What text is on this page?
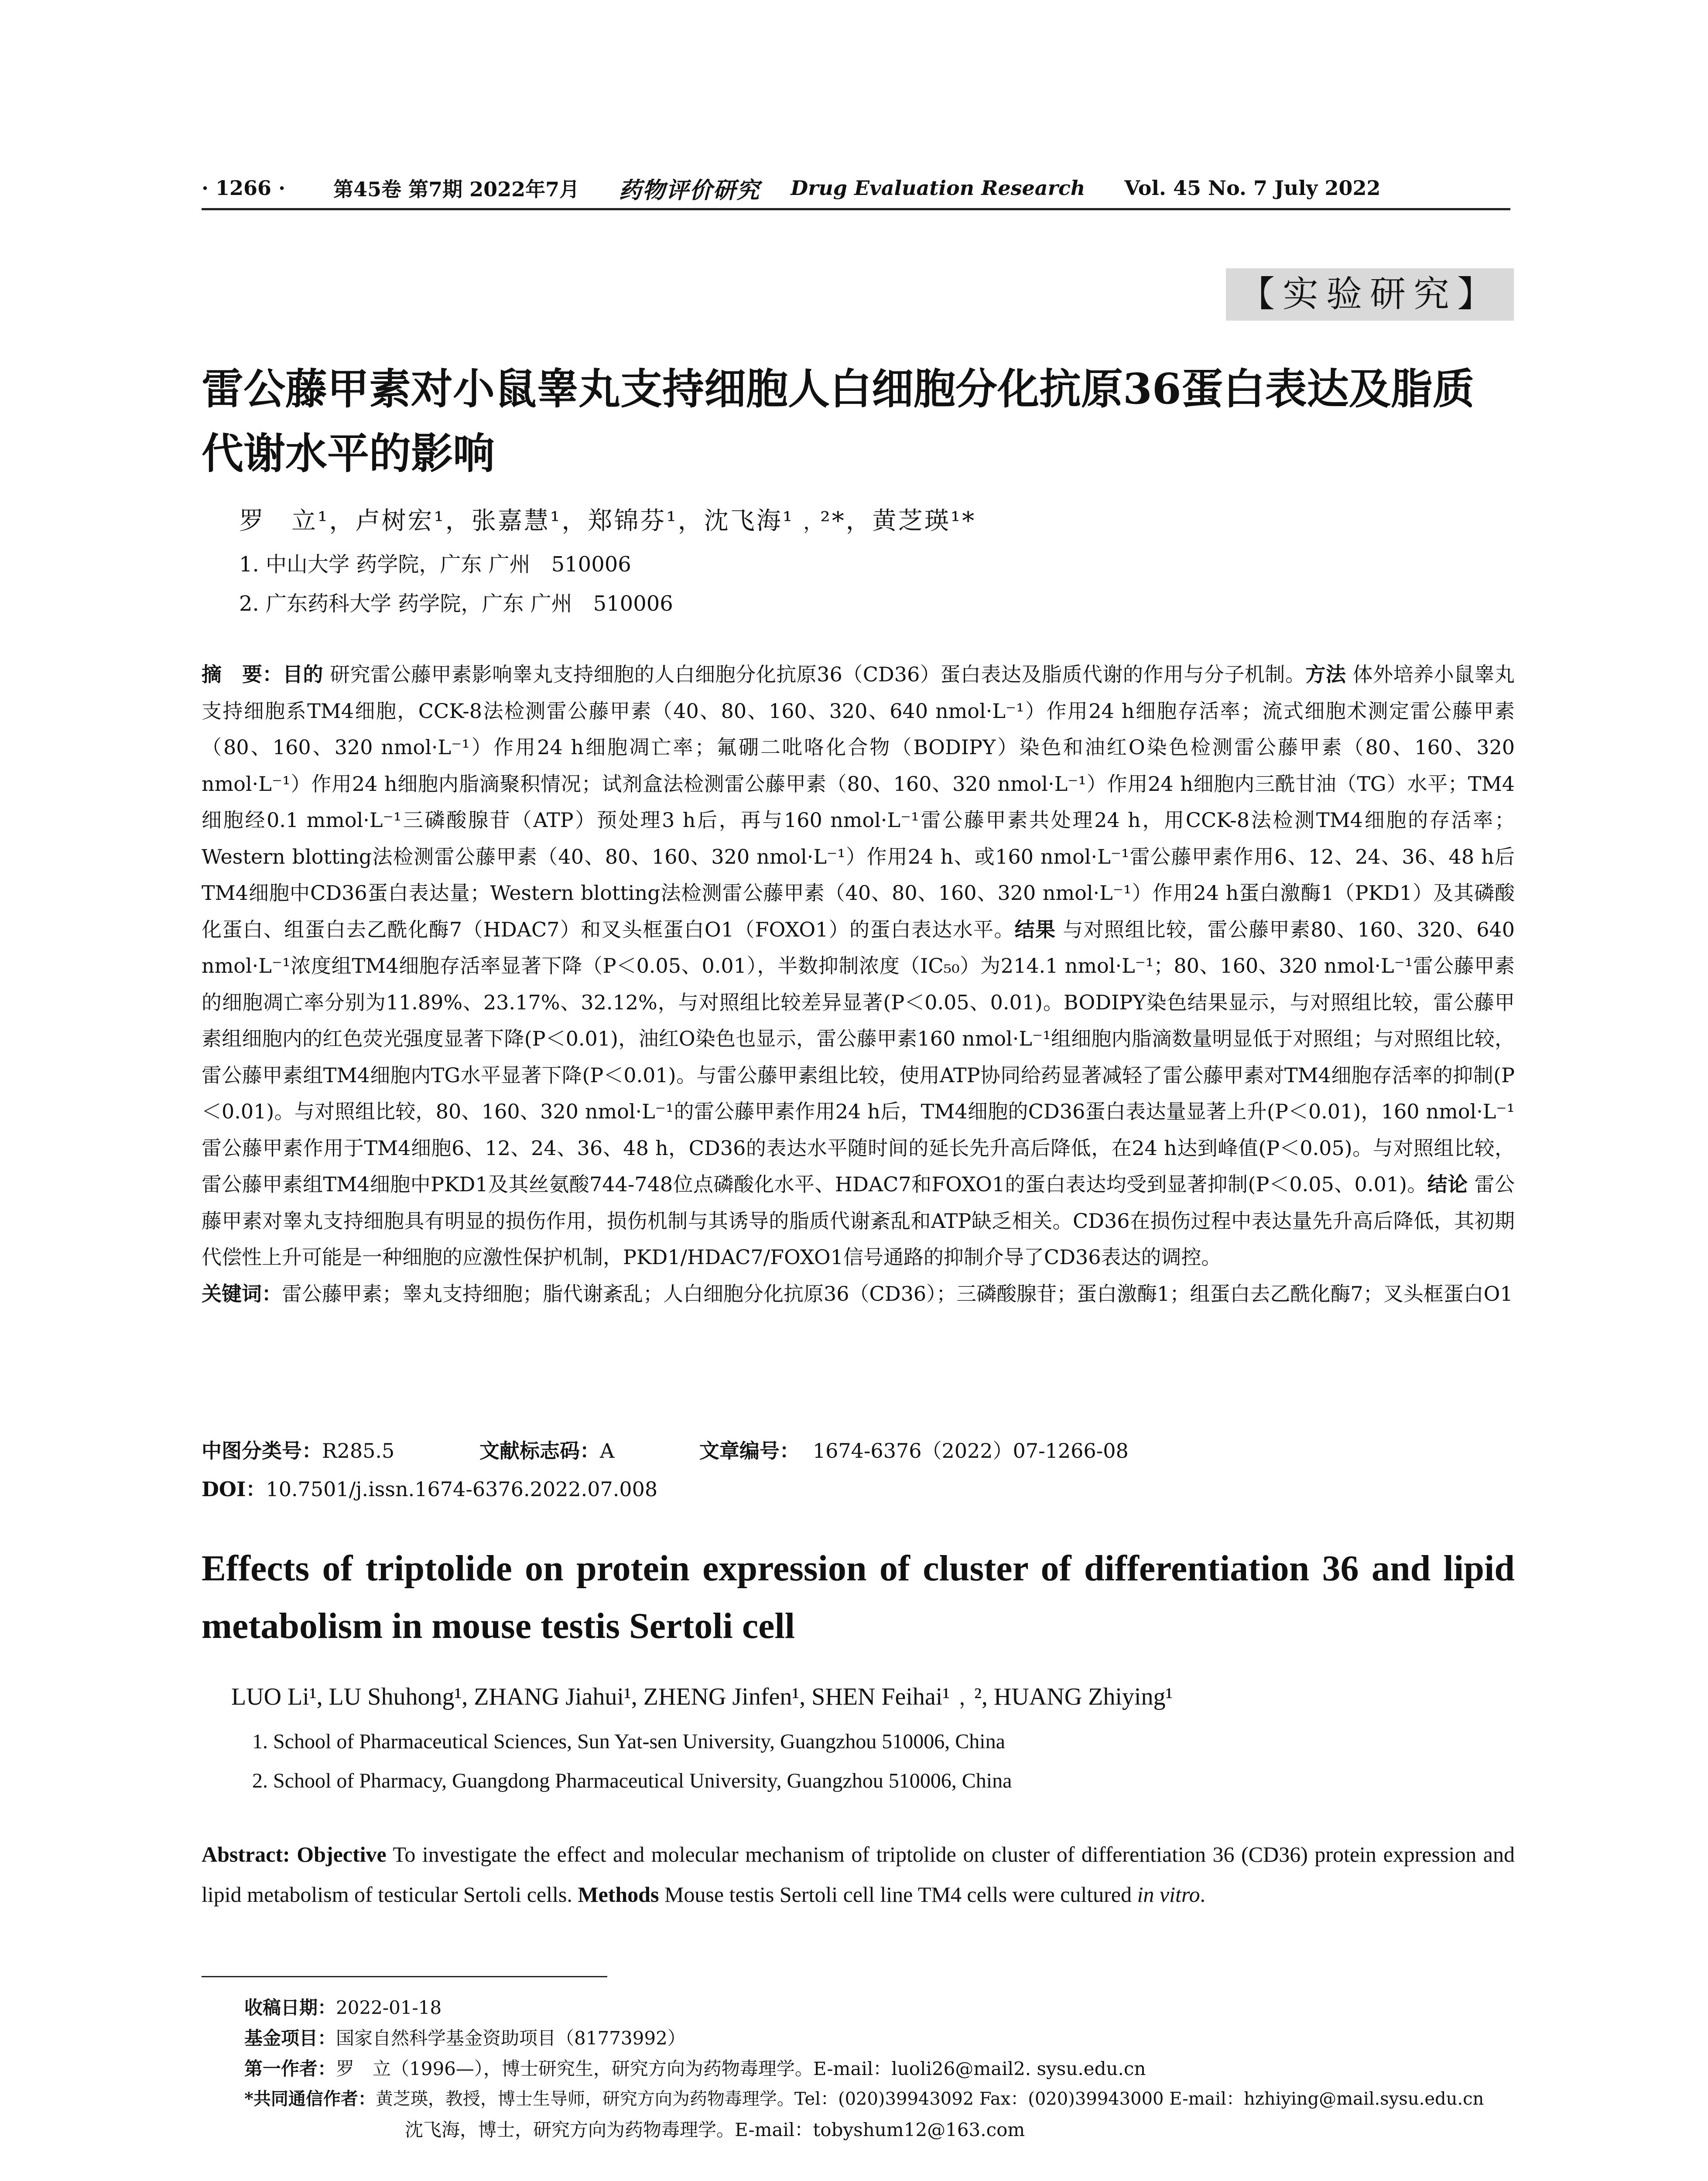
· 1266 · 第45卷 第7期 2022年7月 药物评价研究 Drug Evaluation Research Vol. 45 No. 7 July 2022
【实验研究】
雷公藤甲素对小鼠睾丸支持细胞人白细胞分化抗原36蛋白表达及脂质代谢水平的影响
罗　立¹，卢树宏¹，张嘉慧¹，郑锦芬¹，沈飞海¹﹐²*，黄芝瑛¹*
1. 中山大学 药学院，广东 广州　510006
2. 广东药科大学 药学院，广东 广州　510006
摘　要：目的 研究雷公藤甲素影响睾丸支持细胞的人白细胞分化抗原36（CD36）蛋白表达及脂质代谢的作用与分子机制。方法 体外培养小鼠睾丸支持细胞系TM4细胞，CCK-8法检测雷公藤甲素（40、80、160、320、640 nmol·L⁻¹）作用24 h细胞存活率；流式细胞术测定雷公藤甲素（80、160、320 nmol·L⁻¹）作用24 h细胞凋亡率；氟硼二吡咯化合物（BODIPY）染色和油红O染色检测雷公藤甲素（80、160、320 nmol·L⁻¹）作用24 h细胞内脂滴聚积情况；试剂盒法检测雷公藤甲素（80、160、320 nmol·L⁻¹）作用24 h细胞内三酰甘油（TG）水平；TM4细胞经0.1 mmol·L⁻¹三磷酸腺苷（ATP）预处理3 h后，再与160 nmol·L⁻¹雷公藤甲素共处理24 h，用CCK-8法检测TM4细胞的存活率；Western blotting法检测雷公藤甲素（40、80、160、320 nmol·L⁻¹）作用24 h、或160 nmol·L⁻¹雷公藤甲素作用6、12、24、36、48 h后TM4细胞中CD36蛋白表达量；Western blotting法检测雷公藤甲素（40、80、160、320 nmol·L⁻¹）作用24 h蛋白激酶1（PKD1）及其磷酸化蛋白、组蛋白去乙酰化酶7（HDAC7）和叉头框蛋白O1（FOXO1）的蛋白表达水平。结果 与对照组比较，雷公藤甲素80、160、320、640 nmol·L⁻¹浓度组TM4细胞存活率显著下降（P＜0.05、0.01），半数抑制浓度（IC₅₀）为214.1 nmol·L⁻¹；80、160、320 nmol·L⁻¹雷公藤甲素的细胞凋亡率分别为11.89%、23.17%、32.12%，与对照组比较差异显著(P＜0.05、0.01)。BODIPY染色结果显示，与对照组比较，雷公藤甲素组细胞内的红色荧光强度显著下降(P＜0.01)，油红O染色也显示，雷公藤甲素160 nmol·L⁻¹组细胞内脂滴数量明显低于对照组；与对照组比较，雷公藤甲素组TM4细胞内TG水平显著下降(P＜0.01)。与雷公藤甲素组比较，使用ATP协同给药显著减轻了雷公藤甲素对TM4细胞存活率的抑制(P＜0.01)。与对照组比较，80、160、320 nmol·L⁻¹的雷公藤甲素作用24 h后，TM4细胞的CD36蛋白表达量显著上升(P＜0.01)，160 nmol·L⁻¹雷公藤甲素作用于TM4细胞6、12、24、36、48 h，CD36的表达水平随时间的延长先升高后降低，在24 h达到峰值(P＜0.05)。与对照组比较，雷公藤甲素组TM4细胞中PKD1及其丝氨酸744-748位点磷酸化水平、HDAC7和FOXO1的蛋白表达均受到显著抑制(P＜0.05、0.01)。结论 雷公藤甲素对睾丸支持细胞具有明显的损伤作用，损伤机制与其诱导的脂质代谢紊乱和ATP缺乏相关。CD36在损伤过程中表达量先升高后降低，其初期代偿性上升可能是一种细胞的应激性保护机制，PKD1/HDAC7/FOXO1信号通路的抑制介导了CD36表达的调控。
关键词：雷公藤甲素；睾丸支持细胞；脂代谢紊乱；人白细胞分化抗原36（CD36）；三磷酸腺苷；蛋白激酶1；组蛋白去乙酰化酶7；叉头框蛋白O1
中图分类号：R285.5	文献标志码：A	文章编号： 1674-6376（2022）07-1266-08
DOI：10.7501/j.issn.1674-6376.2022.07.008
Effects of triptolide on protein expression of cluster of differentiation 36 and lipid metabolism in mouse testis Sertoli cell
LUO Li¹, LU Shuhong¹, ZHANG Jiahui¹, ZHENG Jinfen¹, SHEN Feihai¹﹐², HUANG Zhiying¹
1. School of Pharmaceutical Sciences, Sun Yat-sen University, Guangzhou 510006, China
2. School of Pharmacy, Guangdong Pharmaceutical University, Guangzhou 510006, China
Abstract: Objective To investigate the effect and molecular mechanism of triptolide on cluster of differentiation 36 (CD36) protein expression and lipid metabolism of testicular Sertoli cells. Methods Mouse testis Sertoli cell line TM4 cells were cultured in vitro.
收稿日期：2022-01-18
基金项目：国家自然科学基金资助项目（81773992）
第一作者：罗　立（1996—），博士研究生，研究方向为药物毒理学。E-mail：luoli26@mail2. sysu.edu.cn
*共同通信作者：黄芝瑛，教授，博士生导师，研究方向为药物毒理学。Tel：(020)39943092 Fax：(020)39943000 E-mail：hzhiying@mail.sysu.edu.cn
沈飞海，博士，研究方向为药物毒理学。E-mail：tobyshum12@163.com
